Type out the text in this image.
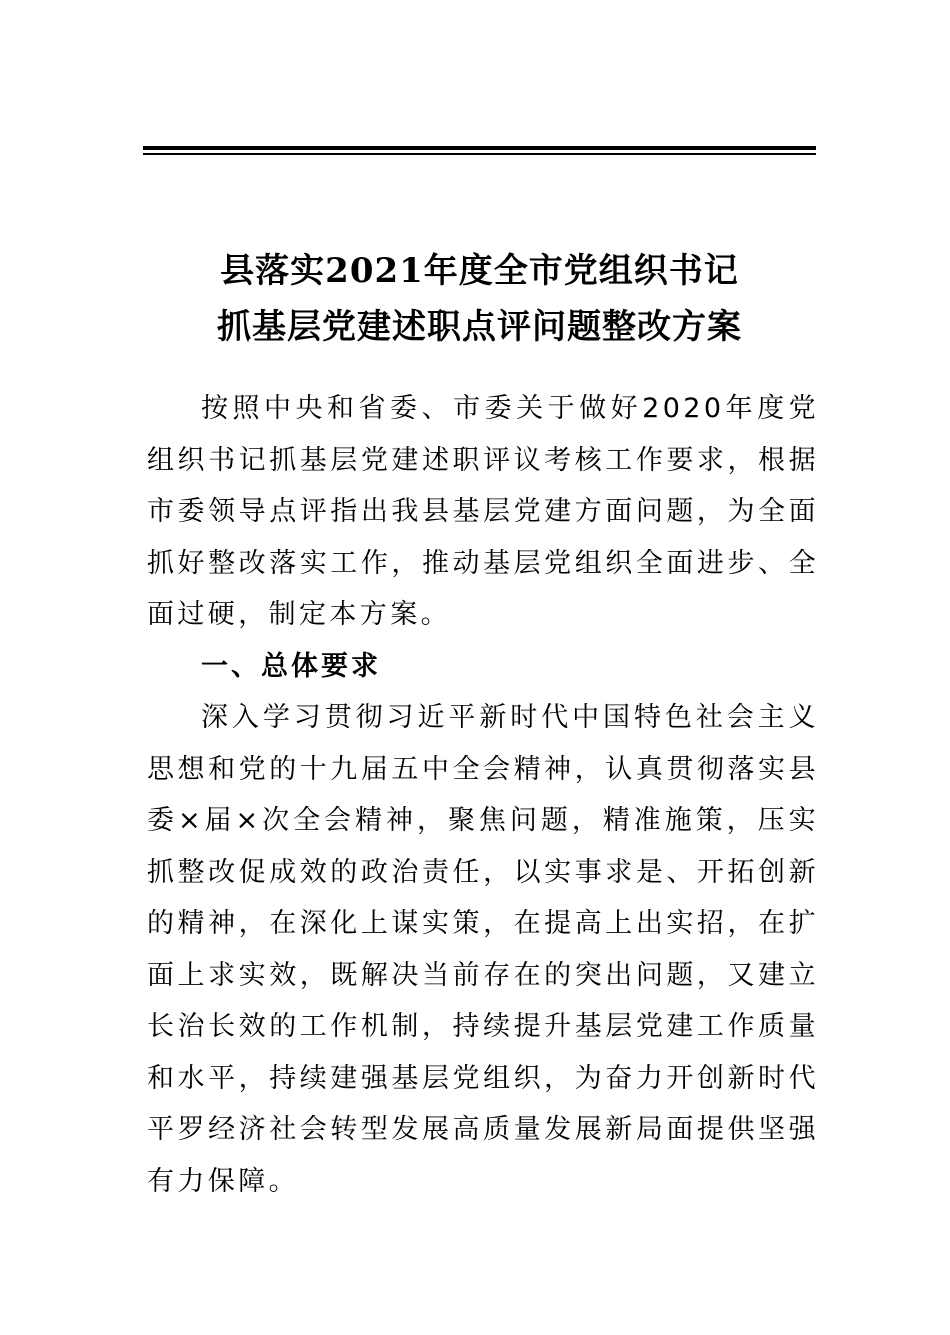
县落实2021年度全市党组织书记
抓基层党建述职点评问题整改方案

按照中央和省委、市委关于做好2020年度党组织书记抓基层党建述职评议考核工作要求，根据市委领导点评指出我县基层党建方面问题，为全面抓好整改落实工作，推动基层党组织全面进步、全面过硬，制定本方案。

一、总体要求

深入学习贯彻习近平新时代中国特色社会主义思想和党的十九届五中全会精神，认真贯彻落实县委×届×次全会精神，聚焦问题，精准施策，压实抓整改促成效的政治责任，以实事求是、开拓创新的精神，在深化上谋实策，在提高上出实招，在扩面上求实效，既解决当前存在的突出问题，又建立长治长效的工作机制，持续提升基层党建工作质量和水平，持续建强基层党组织，为奋力开创新时代平罗经济社会转型发展高质量发展新局面提供坚强有力保障。
